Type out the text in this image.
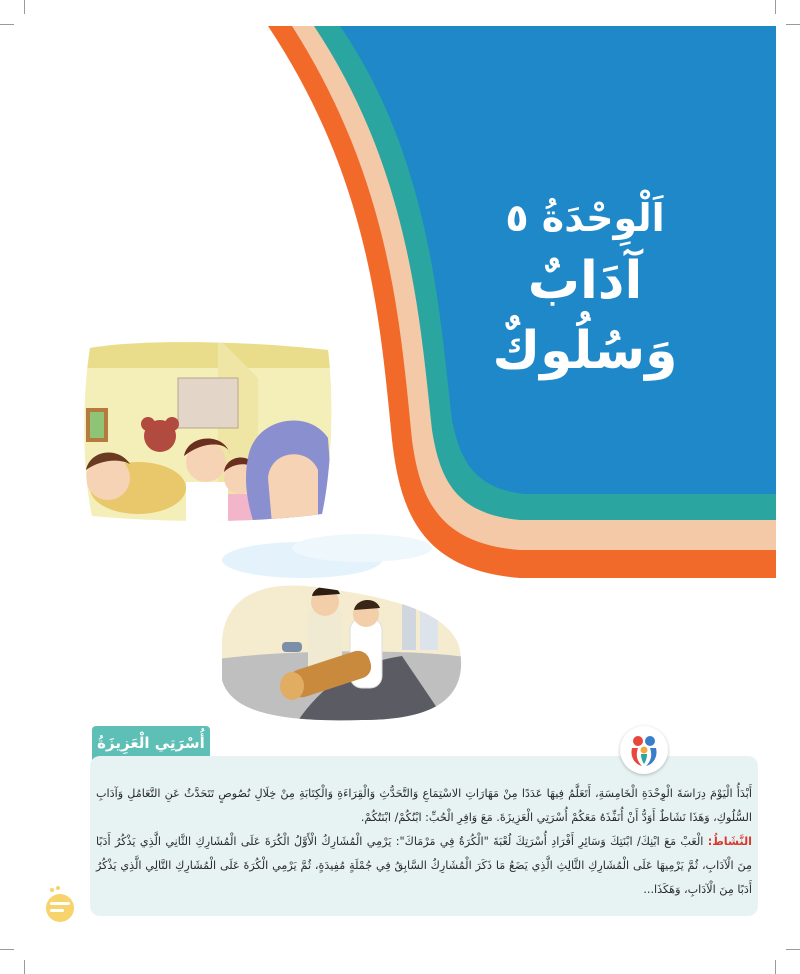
اَلْوِحْدَةُ ٥
آدَابٌ
وَسُلُوكٌ
أُسْرَتِي الْعَزِيزَةُ

أَبْدَأُ الْيَوْمَ دِرَاسَةَ الْوِحْدَةِ الْخَامِسَةِ، أَتَعَلَّمُ فِيهَا عَدَدًا مِنْ مَهَارَاتِ الاسْتِمَاعِ وَالتَّحَدُّثِ وَالْقِرَاءَةِ وَالْكِتَابَةِ مِنْ خِلَالِ نُصُوصٍ تَتَحَدَّثُ عَنِ التَّعَامُلِ وَآدَابِ السُّلُوكِ، وَهَذَا نَشَاطٌ أَوَدُّ أَنْ أُنَفِّذَهُ مَعَكُمْ أُسْرَتِي الْعَزِيزَةَ. مَعَ وَافِرِ الْحُبِّ: ابْنُكُمْ/ ابْنَتُكُمْ.

النَّشَاطُ: الْعَبْ مَعَ ابْنِكَ/ ابْنَتِكَ وَسَائِرِ أَفْرَادِ أُسْرَتِكَ لُعْبَةَ "الْكُرَةُ فِي مَرْمَاكَ": يَرْمِي الْمُشَارِكُ الْأَوَّلُ الْكُرَةَ عَلَى الْمُشَارِكِ الثَّانِي الَّذِي يَذْكُرُ أَدَبًا مِنَ الْآدَابِ، ثُمَّ يَرْمِيهَا عَلَى الْمُشَارِكِ الثَّالِثِ الَّذِي يَضَعُ مَا ذَكَرَ الْمُشَارِكُ السَّابِقُ فِي جُمْلَةٍ مُفِيدَةٍ، ثُمَّ يَرْمِي الْكُرَةَ عَلَى الْمُشَارِكِ التَّالِي الَّذِي يَذْكُرُ أَدَبًا مِنَ الْآدَابِ، وَهَكَذَا...
